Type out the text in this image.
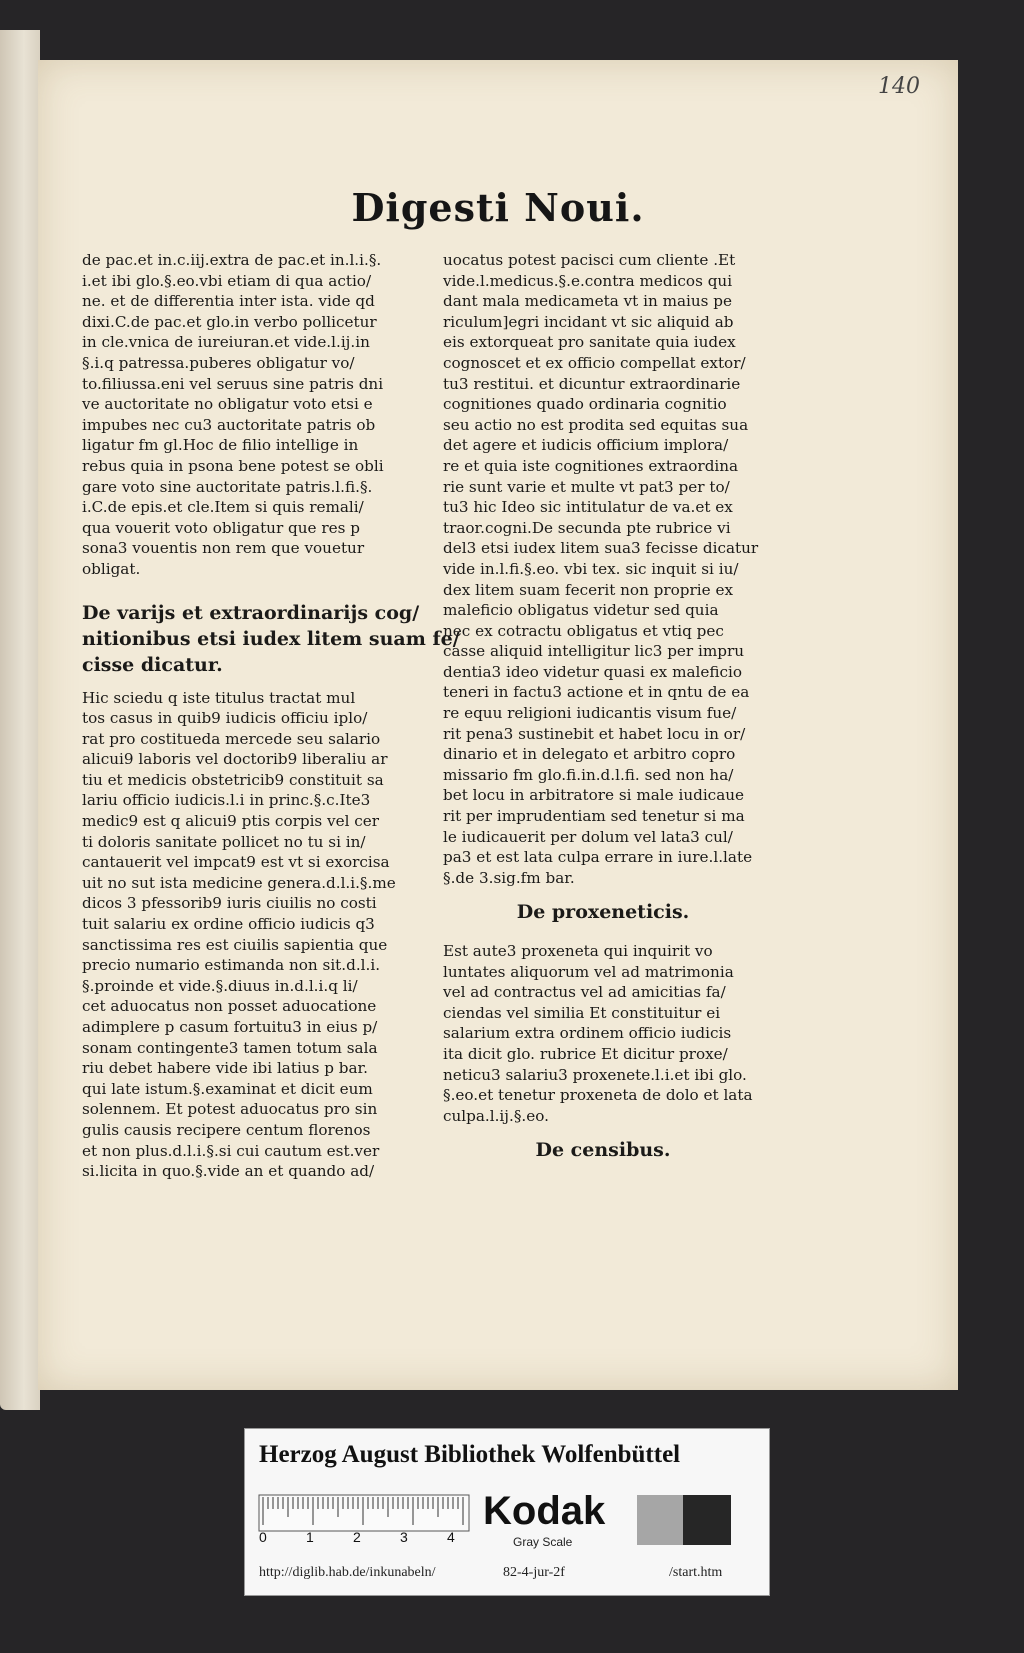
140
Digesti Noui.
de pac.et in.c.iij.extra de pac.et in.l.i.§.
i.et ibi glo.§.eo.vbi etiam di qua actio/
ne. et de differentia inter ista. vide qd
dixi.C.de pac.et glo.in verbo pollicetur
in cle.vnica de iureiuran.et vide.l.ij.in
§.i.q patressa.puberes obligatur vo/
to.filiussa.eni vel seruus sine patris dni
ve auctoritate no obligatur voto etsi e
impubes nec cu3 auctoritate patris ob
ligatur fm gl.Hoc de filio intellige in
rebus quia in psona bene potest se obli
gare voto sine auctoritate patris.l.fi.§.
i.C.de epis.et cle.Item si quis remali/
qua vouerit voto obligatur que res p
sona3 vouentis non rem que vouetur
obligat.
De varijs et extraordinarijs cog/
nitionibus etsi iudex litem suam fe/
cisse dicatur.
Hic sciedu q iste titulus tractat mul
tos casus in quib9 iudicis officiu iplo/
rat pro costitueda mercede seu salario
alicui9 laboris vel doctorib9 liberaliu ar
tiu et medicis obstetricib9 constituit sa
lariu officio iudicis.l.i in princ.§.c.Ite3
medic9 est q alicui9 ptis corpis vel cer
ti doloris sanitate pollicet no tu si in/
cantauerit vel impcat9 est vt si exorcisa
uit no sut ista medicine genera.d.l.i.§.me
dicos 3 pfessorib9 iuris ciuilis no costi
tuit salariu ex ordine officio iudicis q3
sanctissima res est ciuilis sapientia que
precio numario estimanda non sit.d.l.i.
§.proinde et vide.§.diuus in.d.l.i.q li/
cet aduocatus non posset aduocatione
adimplere p casum fortuitu3 in eius p/
sonam contingente3 tamen totum sala
riu debet habere vide ibi latius p bar.
qui late istum.§.examinat et dicit eum
solennem. Et potest aduocatus pro sin
gulis causis recipere centum florenos
et non plus.d.l.i.§.si cui cautum est.ver
si.licita in quo.§.vide an et quando ad/
uocatus potest pacisci cum cliente .Et
vide.l.medicus.§.e.contra medicos qui
dant mala medicameta vt in maius pe
riculum]egri incidant vt sic aliquid ab
eis extorqueat pro sanitate quia iudex
cognoscet et ex officio compellat extor/
tu3 restitui. et dicuntur extraordinarie
cognitiones quado ordinaria cognitio
seu actio no est prodita sed equitas sua
det agere et iudicis officium implora/
re et quia iste cognitiones extraordina
rie sunt varie et multe vt pat3 per to/
tu3 hic Ideo sic intitulatur de va.et ex
traor.cogni.De secunda pte rubrice vi
del3 etsi iudex litem sua3 fecisse dicatur
vide in.l.fi.§.eo. vbi tex. sic inquit si iu/
dex litem suam fecerit non proprie ex
maleficio obligatus videtur sed quia
nec ex cotractu obligatus et vtiq pec
casse aliquid intelligitur lic3 per impru
dentia3 ideo videtur quasi ex maleficio
teneri in factu3 actione et in qntu de ea
re equu religioni iudicantis visum fue/
rit pena3 sustinebit et habet locu in or/
dinario et in delegato et arbitro copro
missario fm glo.fi.in.d.l.fi. sed non ha/
bet locu in arbitratore si male iudicaue
rit per imprudentiam sed tenetur si ma
le iudicauerit per dolum vel lata3 cul/
pa3 et est lata culpa errare in iure.l.late
§.de 3.sig.fm bar.
De proxeneticis.
Est aute3 proxeneta qui inquirit vo
luntates aliquorum vel ad matrimonia
vel ad contractus vel ad amicitias fa/
ciendas vel similia Et constituitur ei
salarium extra ordinem officio iudicis
ita dicit glo. rubrice Et dicitur proxe/
neticu3 salariu3 proxenete.l.i.et ibi glo.
§.eo.et tenetur proxeneta de dolo et lata
culpa.l.ij.§.eo.
De censibus.
Herzog August Bibliothek Wolfenbüttel
0	1	2	3	4
Kodak
Gray Scale
http://diglib.hab.de/inkunabeln/	82-4-jur-2f	/start.htm
